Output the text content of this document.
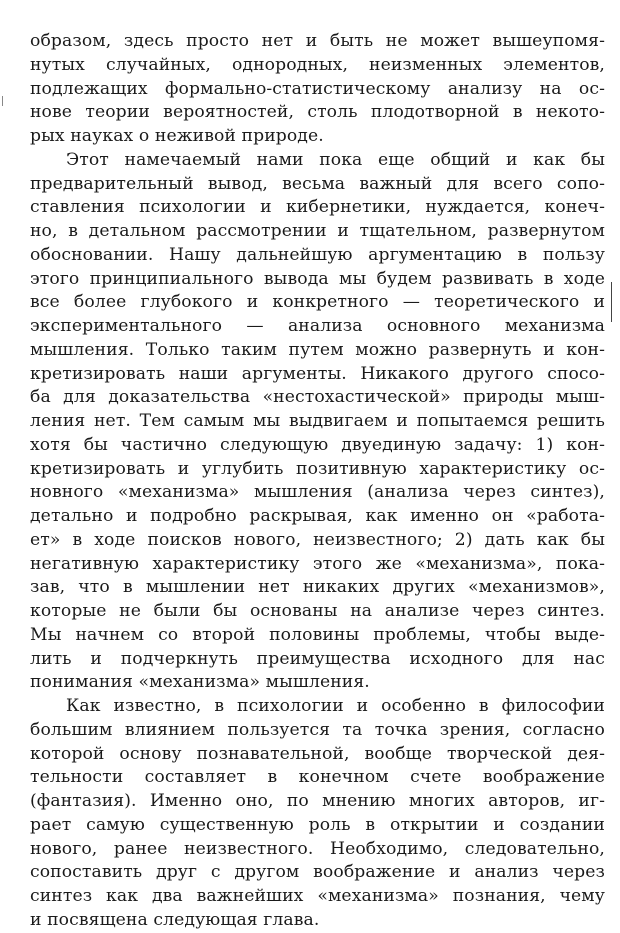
образом, здесь просто нет и быть не может вышеупомя-
нутых случайных, однородных, неизменных элементов,
подлежащих формально-статистическому анализу на ос-
нове теории вероятностей, столь плодотворной в некото-
рых науках о неживой природе.
Этот намечаемый нами пока еще общий и как бы
предварительный вывод, весьма важный для всего сопо-
ставления психологии и кибернетики, нуждается, конеч-
но, в детальном рассмотрении и тщательном, развернутом
обосновании. Нашу дальнейшую аргументацию в пользу
этого принципиального вывода мы будем развивать в ходе
все более глубокого и конкретного — теоретического и
экспериментального — анализа основного механизма
мышления. Только таким путем можно развернуть и кон-
кретизировать наши аргументы. Никакого другого спосо-
ба для доказательства «нестохастической» природы мыш-
ления нет. Тем самым мы выдвигаем и попытаемся решить
хотя бы частично следующую двуединую задачу: 1) кон-
кретизировать и углубить позитивную характеристику ос-
новного «механизма» мышления (анализа через синтез),
детально и подробно раскрывая, как именно он «работа-
ет» в ходе поисков нового, неизвестного; 2) дать как бы
негативную характеристику этого же «механизма», пока-
зав, что в мышлении нет никаких других «механизмов»,
которые не были бы основаны на анализе через синтез.
Мы начнем со второй половины проблемы, чтобы выде-
лить и подчеркнуть преимущества исходного для нас
понимания «механизма» мышления.
Как известно, в психологии и особенно в философии
большим влиянием пользуется та точка зрения, согласно
которой основу познавательной, вообще творческой дея-
тельности составляет в конечном счете воображение
(фантазия). Именно оно, по мнению многих авторов, иг-
рает самую существенную роль в открытии и создании
нового, ранее неизвестного. Необходимо, следовательно,
сопоставить друг с другом воображение и анализ через
синтез как два важнейших «механизма» познания, чему
и посвящена следующая глава.
